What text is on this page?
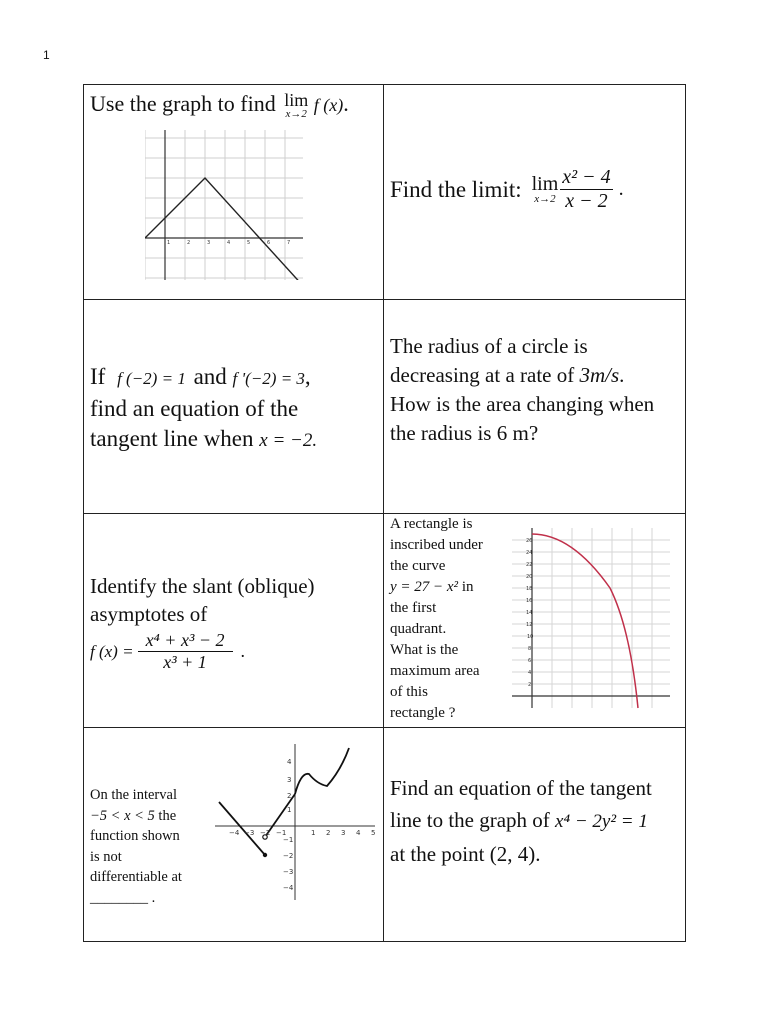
1
Use the graph to find lim
x→2 f (x).
1	2	3	4	5	6	7
Find the limit: lim
$x\to 2 \frac{\text{x² − 4}}{x - 2}$ .
If f (−2) = 1 and f '(−2) = 3,
find an equation of the
tangent line when x = −2.
The radius of a circle is
decreasing at a rate of 3m/s.
How is the area changing when
the radius is 6 m?
Identify the slant (oblique)
asymptotes of
f $(x) = \frac{\text{x⁴ + x³ − 2}}{\text{x³ + 1}}$ .
A rectangle is
inscribed under
the curve
y = 27 − x² in
the first
quadrant.
What is the
maximum area
of this
rectangle ?
26
24
22
20
18
16
14
12
10
8
6
4
2
On the interval
−5 < x < 5 the
function shown
is not
differentiable at
________ .
−4 −3 −2 −1	1 2 3 4 5
4
3
2
1
−1
−2
−3
−4
Find an equation of the tangent
line to the graph of x⁴ − 2y² = 1
at the point (2, 4).
